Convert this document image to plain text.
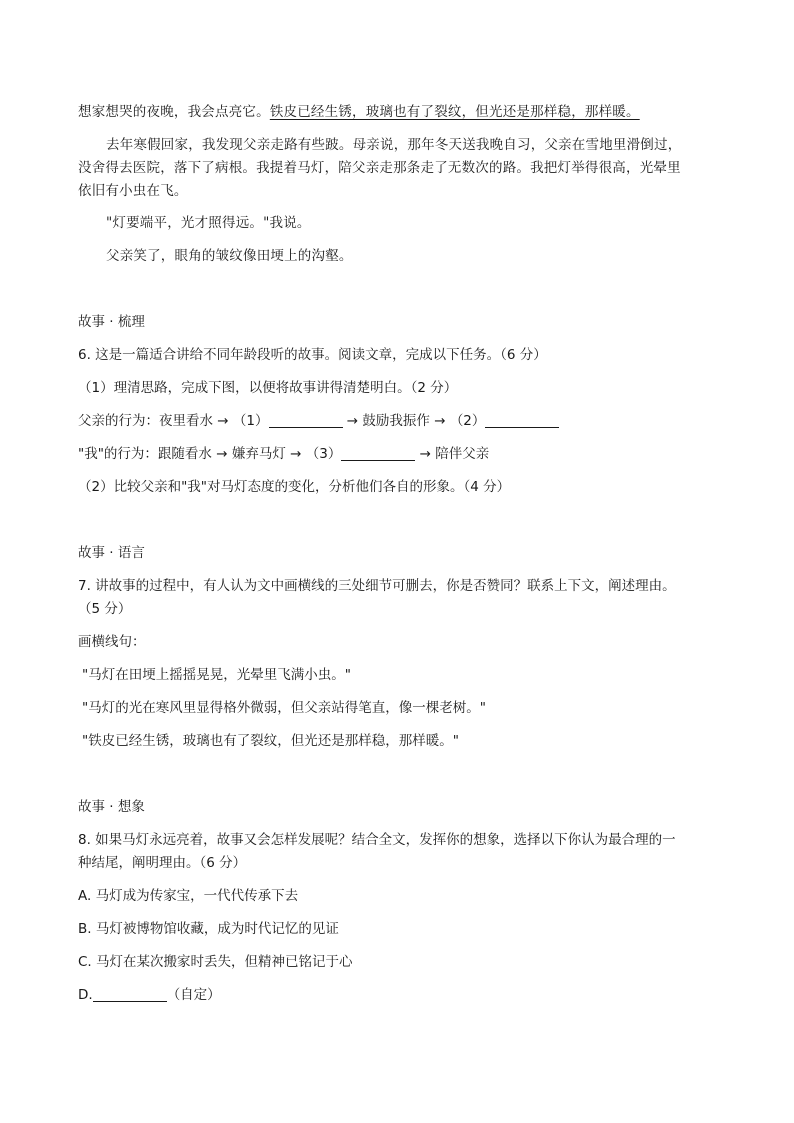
想家想哭的夜晚，我会点亮它。铁皮已经生锈，玻璃也有了裂纹，但光还是那样稳，那样暖。
去年寒假回家，我发现父亲走路有些跛。母亲说，那年冬天送我晚自习，父亲在雪地里滑倒过，
没舍得去医院，落下了病根。我提着马灯，陪父亲走那条走了无数次的路。我把灯举得很高，光晕里
依旧有小虫在飞。
"灯要端平，光才照得远。"我说。
父亲笑了，眼角的皱纹像田埂上的沟壑。
故事 · 梳理
6. 这是一篇适合讲给不同年龄段听的故事。阅读文章，完成以下任务。（6 分）
（1）理清思路，完成下图，以便将故事讲得清楚明白。（2 分）
父亲的行为：夜里看水 → （1）	→ 鼓励我振作 → （2）
"我"的行为：跟随看水 → 嫌弃马灯 → （3）	→ 陪伴父亲
（2）比较父亲和"我"对马灯态度的变化，分析他们各自的形象。（4 分）
故事 · 语言
7. 讲故事的过程中，有人认为文中画横线的三处细节可删去，你是否赞同？联系上下文，阐述理由。
（5 分）
画横线句：
"马灯在田埂上摇摇晃晃，光晕里飞满小虫。"
"马灯的光在寒风里显得格外微弱，但父亲站得笔直，像一棵老树。"
"铁皮已经生锈，玻璃也有了裂纹，但光还是那样稳，那样暖。"
故事 · 想象
8. 如果马灯永远亮着，故事又会怎样发展呢？结合全文，发挥你的想象，选择以下你认为最合理的一
种结尾，阐明理由。（6 分）
A. 马灯成为传家宝，一代代传承下去
B. 马灯被博物馆收藏，成为时代记忆的见证
C. 马灯在某次搬家时丢失，但精神已铭记于心
D.	（自定）
